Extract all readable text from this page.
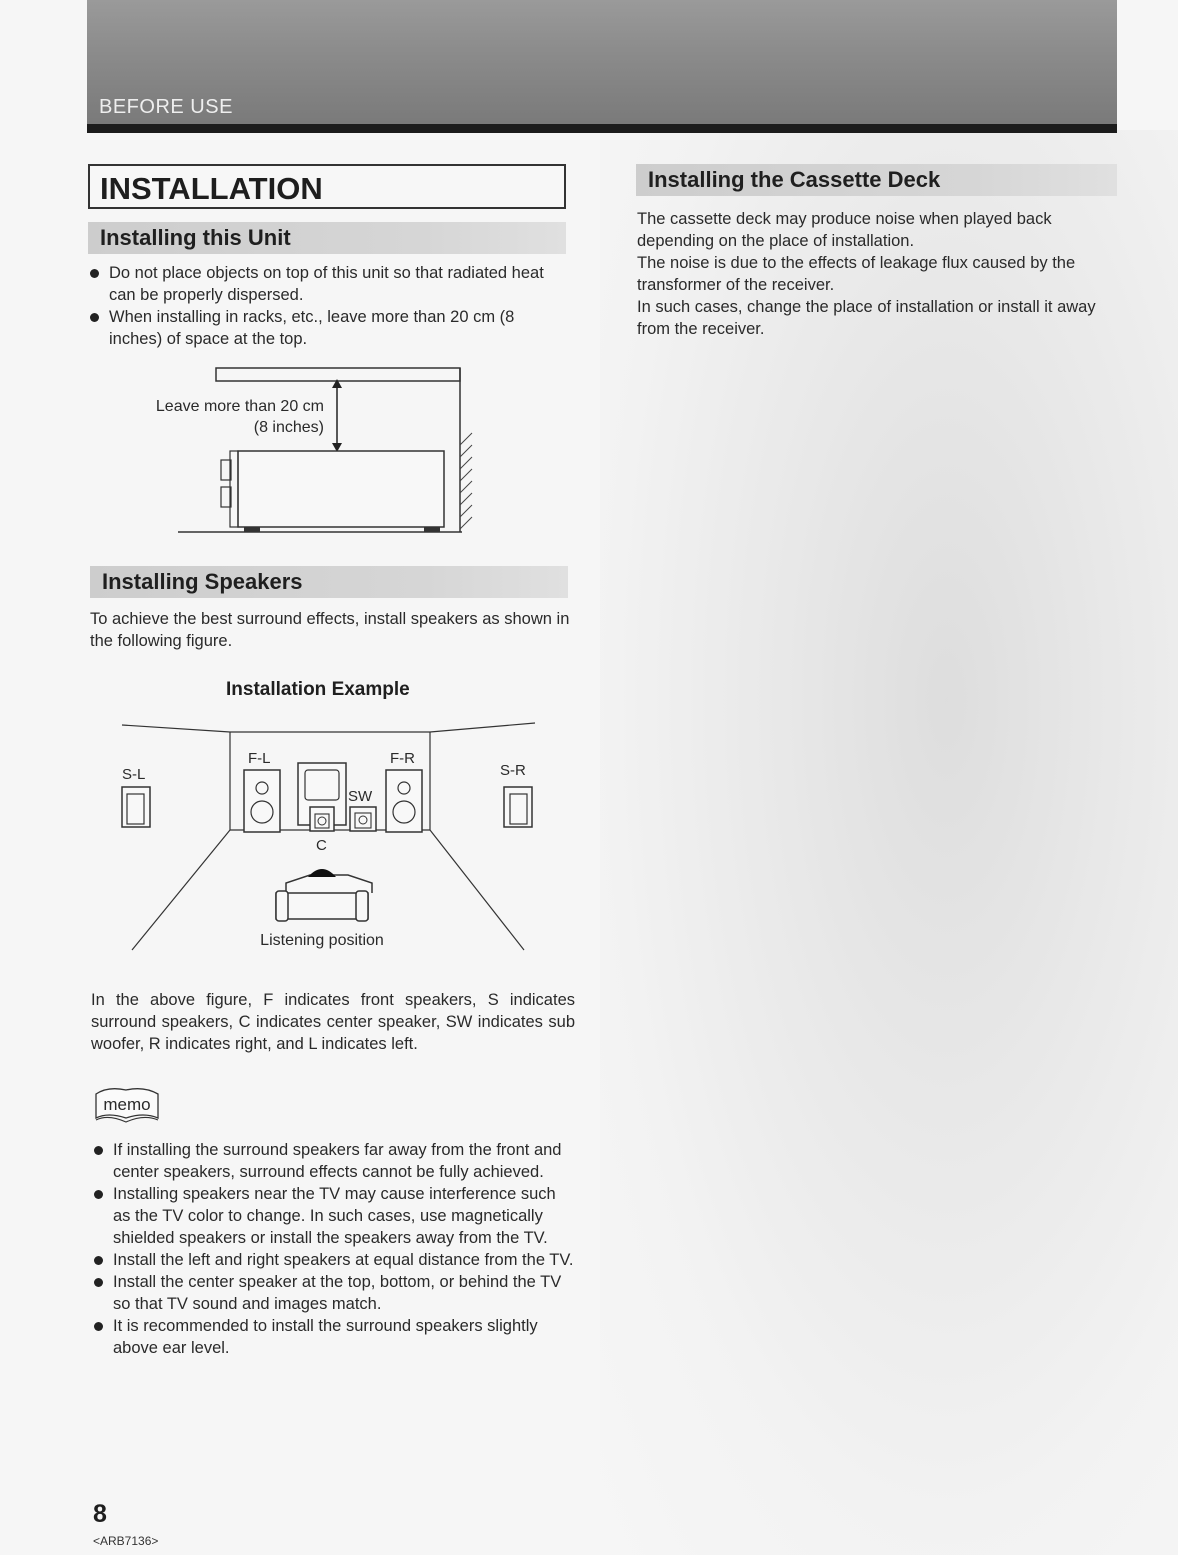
BEFORE USE
INSTALLATION
Installing this Unit
Do not place objects on top of this unit so that radiated heat can be properly dispersed.
When installing in racks, etc., leave more than 20 cm (8 inches) of space at the top.
Leave more than 20 cm
(8 inches)
Installing Speakers

To achieve the best surround effects, install speakers as shown in the following figure.

Installation Example
S-L
F-L
C
SW
F-R
S-R
Listening position

In the above figure, F indicates front speakers, S indicates surround speakers, C indicates center speaker, SW indicates sub woofer, R indicates right, and L indicates left.

memo
If installing the surround speakers far away from the front and center speakers, surround effects cannot be fully achieved.
Installing speakers near the TV may cause interference such as the TV color to change. In such cases, use magnetically shielded speakers or install the speakers away from the TV.
Install the left and right speakers at equal distance from the TV.
Install the center speaker at the top, bottom, or behind the TV so that TV sound and images match.
It is recommended to install the surround speakers slightly above ear level.
Installing the Cassette Deck

The cassette deck may produce noise when played back depending on the place of installation.

The noise is due to the effects of leakage flux caused by the transformer of the receiver.

In such cases, change the place of installation or install it away from the receiver.

8
<ARB7136>
